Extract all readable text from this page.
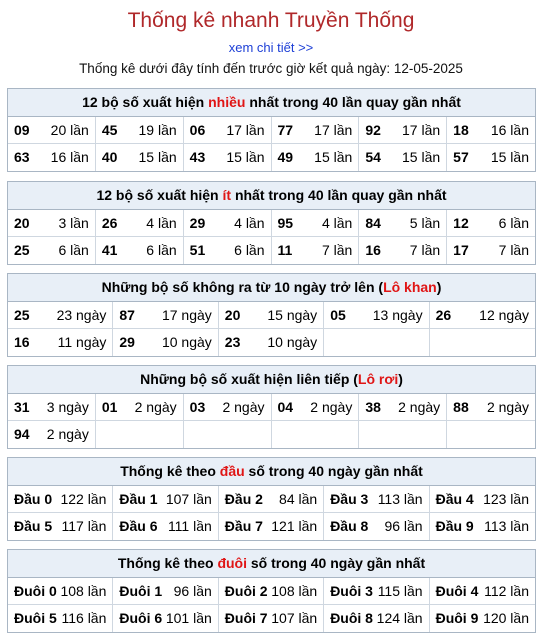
Thống kê nhanh Truyền Thống
xem chi tiết >>
Thống kê dưới đây tính đến trước giờ kết quả ngày: 12-05-2025
12 bộ số xuất hiện nhiều nhất trong 40 lần quay gần nhất
09	20 lần 45	19 lần 06	17 lần 77	17 lần 92	17 lần 18	16 lần
63	16 lần 40	15 lần 43	15 lần 49	15 lần 54	15 lần 57	15 lần
12 bộ số xuất hiện ít nhất trong 40 lần quay gần nhất
20	3 lần 26	4 lần 29	4 lần 95	4 lần 84	5 lần 12	6 lần
25	6 lần 41	6 lần 51	6 lần 11	7 lần 16	7 lần 17	7 lần
Những bộ số không ra từ 10 ngày trở lên (Lô khan)
25	23 ngày 87	17 ngày 20	15 ngày 05	13 ngày 26	12 ngày
16	11 ngày 29	10 ngày 23	10 ngày
Những bộ số xuất hiện liên tiếp (Lô rơi)
31	3 ngày 01	2 ngày 03	2 ngày 04	2 ngày 38	2 ngày 88	2 ngày
94	2 ngày
Thống kê theo đầu số trong 40 ngày gần nhất
Đầu 0 122 lần Đầu 1 107 lần Đầu 2	84 lần Đầu 3 113 lần Đầu 4 123 lần
Đầu 5 117 lần Đầu 6 111 lần Đầu 7 121 lần Đầu 8	96 lần Đầu 9 113 lần
Thống kê theo đuôi số trong 40 ngày gần nhất
Đuôi 0 108 lần Đuôi 1 96 lần Đuôi 2 108 lần Đuôi 3 115 lần Đuôi 4 112 lần
Đuôi 5 116 lần Đuôi 6 101 lần Đuôi 7 107 lần Đuôi 8 124 lần Đuôi 9 120 lần
